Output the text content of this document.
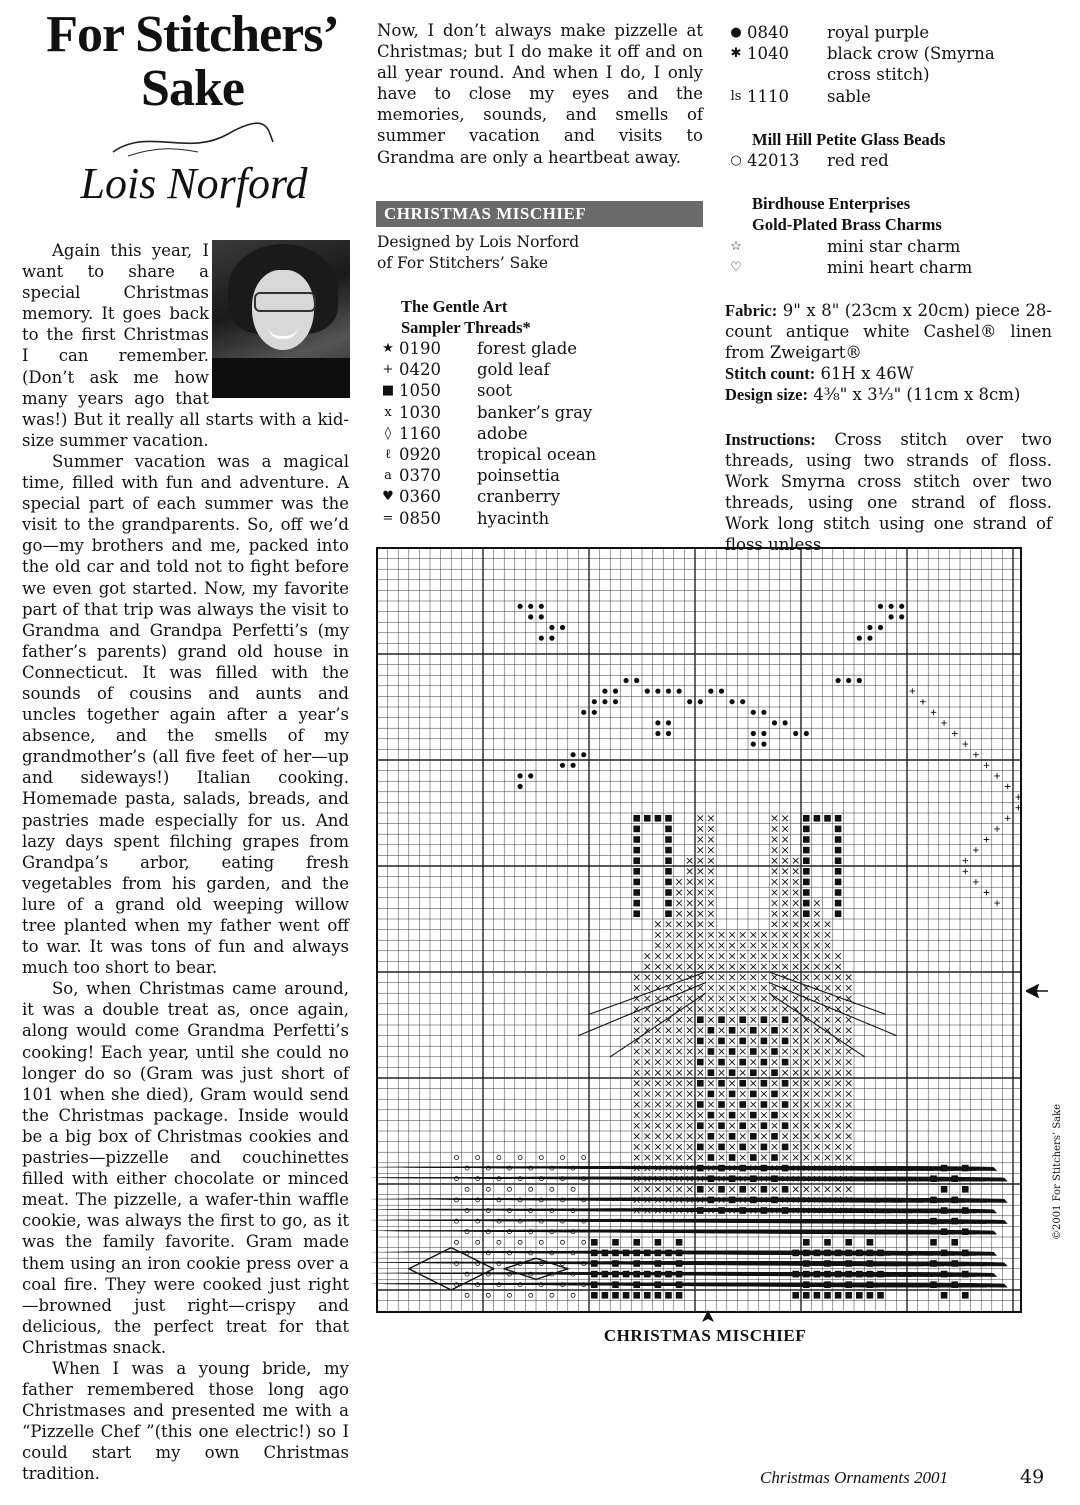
For Stitchers’
Sake
Lois Norford

Again this year, I want to share a special Christmas memory. It goes back to the first Christmas I can remember. (Don’t ask me how many years ago that was!) But it really all starts with a kid-size summer vacation.

Summer vacation was a magical time, filled with fun and adventure. A special part of each summer was the visit to the grandparents. So, off we’d go—my brothers and me, packed into the old car and told not to fight before we even got started. Now, my favorite part of that trip was always the visit to Grandma and Grandpa Perfetti’s (my father’s parents) grand old house in Connecticut. It was filled with the sounds of cousins and aunts and uncles together again after a year’s absence, and the smells of my grandmother’s (all five feet of her—up and sideways!) Italian cooking. Homemade pasta, salads, breads, and pastries made especially for us. And lazy days spent filching grapes from Grandpa’s arbor, eating fresh vegetables from his garden, and the lure of a grand old weeping willow tree planted when my father went off to war. It was tons of fun and always much too short to bear.

So, when Christmas came around, it was a double treat as, once again, along would come Grandma Perfetti’s cooking! Each year, until she could no longer do so (Gram was just short of 101 when she died), Gram would send the Christmas package. Inside would be a big box of Christmas cookies and pastries—pizzelle and couchinettes filled with either chocolate or minced meat. The pizzelle, a wafer-thin waffle cookie, was always the first to go, as it was the family favorite. Gram made them using an iron cookie press over a coal fire. They were cooked just right—browned just right—crispy and delicious, the perfect treat for that Christmas snack.

When I was a young bride, my father remembered those long ago Christmases and presented me with a “Pizzelle Chef ”(this one electric!) so I could start my own Christmas tradition.

Now, I don’t always make pizzelle at Christmas; but I do make it off and on all year round. And when I do, I only have to close my eyes and the memories, sounds, and smells of summer vacation and visits to Grandma are only a heartbeat away.
CHRISTMAS MISCHIEF
Designed by Lois Norford
of For Stitchers’ Sake
The Gentle Art
Sampler Threads*
★ 0190	forest glade
+ 0420	gold leaf
■ 1050	soot
x 1030	banker’s gray
◊ 1160	adobe
ℓ 0920	tropical ocean
a 0370	poinsettia
♥ 0360	cranberry
= 0850	hyacinth
● 0840	royal purple
✱ 1040	black crow (Smyrna
cross stitch)
ls 1110	sable
Mill Hill Petite Glass Beads
○ 42013	red red
Birdhouse Enterprises
Gold-Plated Brass Charms
☆	mini star charm
♡	mini heart charm
Fabric: 9" x 8" (23cm x 20cm) piece 28-count antique white Cashel® linen from Zweigart®
Stitch count: 61H x 46W
Design size: 4⅜" x 3⅓" (11cm x 8cm)
Instructions: Cross stitch over two threads, using two strands of floss. Work Smyrna cross stitch over two threads, using one strand of floss. Work long stitch using one strand of floss unless
CHRISTMAS MISCHIEF
©2001 For Stitchers’ Sake
Christmas Ornaments 2001	49
